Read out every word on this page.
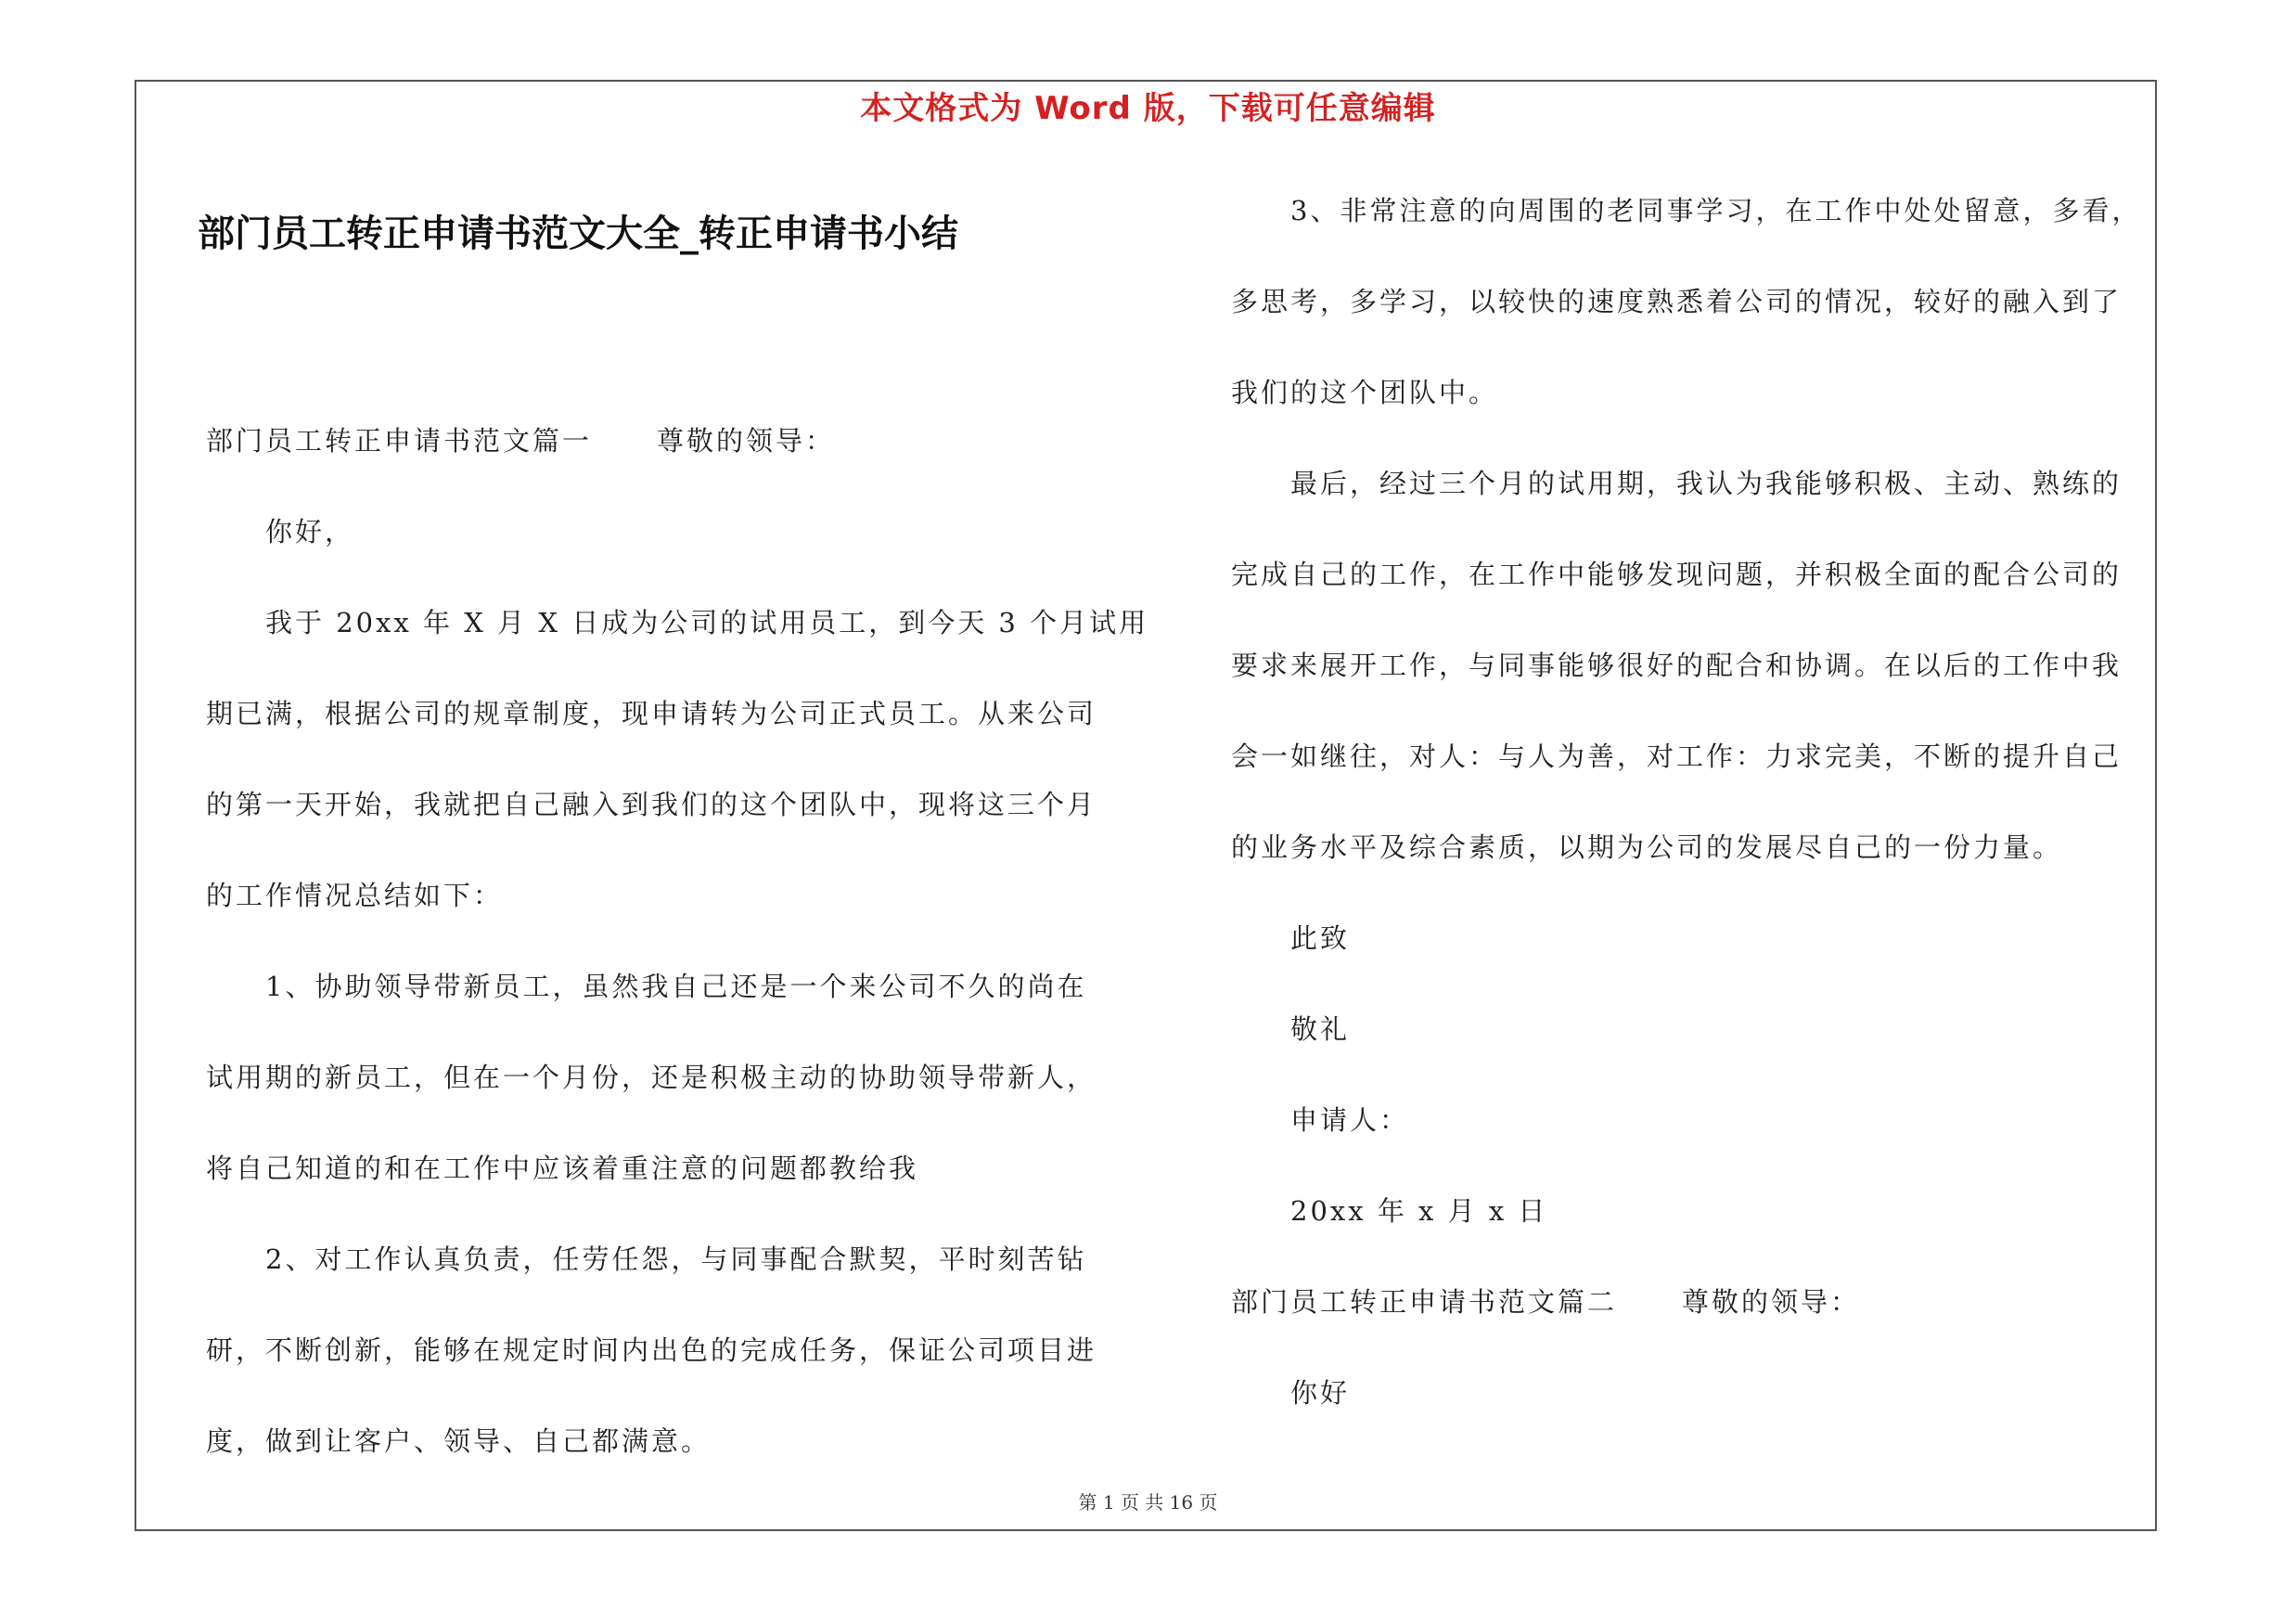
本文格式为 Word 版，下载可任意编辑
部门员工转正申请书范文大全_转正申请书小结
部门员工转正申请书范文篇一 尊敬的领导：
你好，
我于 20xx 年 X 月 X 日成为公司的试用员工，到今天 3 个月试用
期已满，根据公司的规章制度，现申请转为公司正式员工。从来公司
的第一天开始，我就把自己融入到我们的这个团队中，现将这三个月
的工作情况总结如下：
1、协助领导带新员工，虽然我自己还是一个来公司不久的尚在
试用期的新员工，但在一个月份，还是积极主动的协助领导带新人，
将自己知道的和在工作中应该着重注意的问题都教给我
2、对工作认真负责，任劳任怨，与同事配合默契，平时刻苦钻
研，不断创新，能够在规定时间内出色的完成任务，保证公司项目进
度，做到让客户、领导、自己都满意。
3、非常注意的向周围的老同事学习，在工作中处处留意，多看，
多思考，多学习，以较快的速度熟悉着公司的情况，较好的融入到了
我们的这个团队中。
最后，经过三个月的试用期，我认为我能够积极、主动、熟练的
完成自己的工作，在工作中能够发现问题，并积极全面的配合公司的
要求来展开工作，与同事能够很好的配合和协调。在以后的工作中我
会一如继往，对人：与人为善，对工作：力求完美，不断的提升自己
的业务水平及综合素质，以期为公司的发展尽自己的一份力量。
此致
敬礼
申请人：
20xx 年 x 月 x 日
部门员工转正申请书范文篇二 尊敬的领导：
你好
第 1 页 共 16 页
